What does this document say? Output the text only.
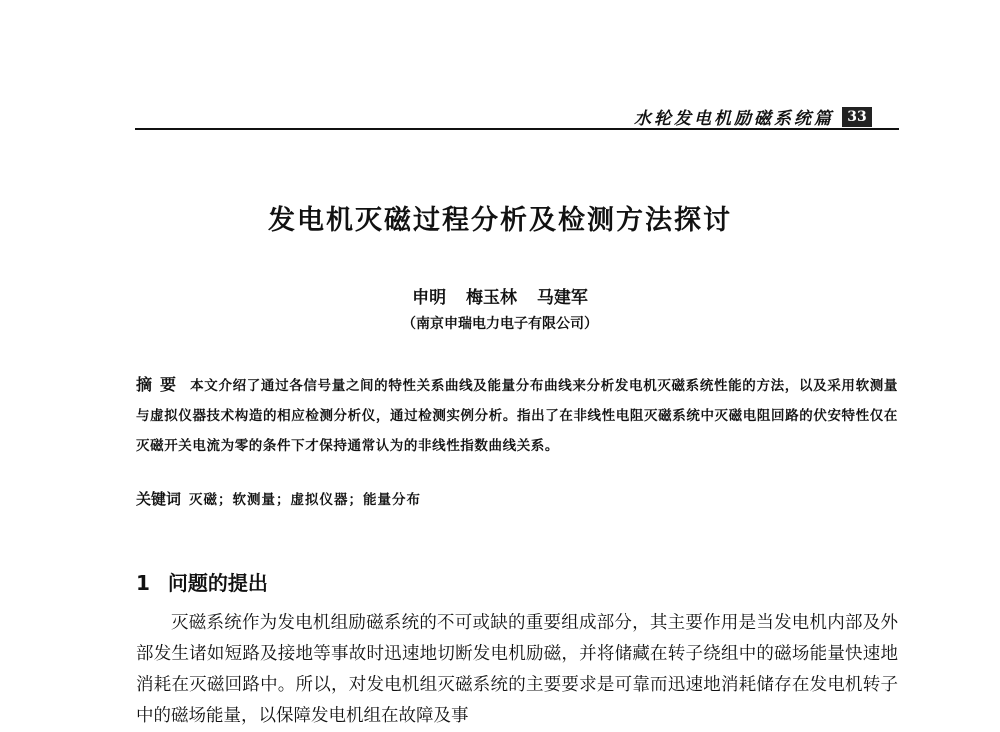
水轮发电机励磁系统篇 33
发电机灭磁过程分析及检测方法探讨
申明 梅玉林 马建军
（南京申瑞电力电子有限公司）
摘要 本文介绍了通过各信号量之间的特性关系曲线及能量分布曲线来分析发电机灭磁系统性能的方法，以及采用软测量与虚拟仪器技术构造的相应检测分析仪，通过检测实例分析。指出了在非线性电阻灭磁系统中灭磁电阻回路的伏安特性仅在灭磁开关电流为零的条件下才保持通常认为的非线性指数曲线关系。
关键词 灭磁；软测量；虚拟仪器；能量分布
1 问题的提出

灭磁系统作为发电机组励磁系统的不可或缺的重要组成部分，其主要作用是当发电机内部及外部发生诸如短路及接地等事故时迅速地切断发电机励磁，并将储藏在转子绕组中的磁场能量快速地消耗在灭磁回路中。所以，对发电机组灭磁系统的主要要求是可靠而迅速地消耗储存在发电机转子中的磁场能量，以保障发电机组在故障及事
